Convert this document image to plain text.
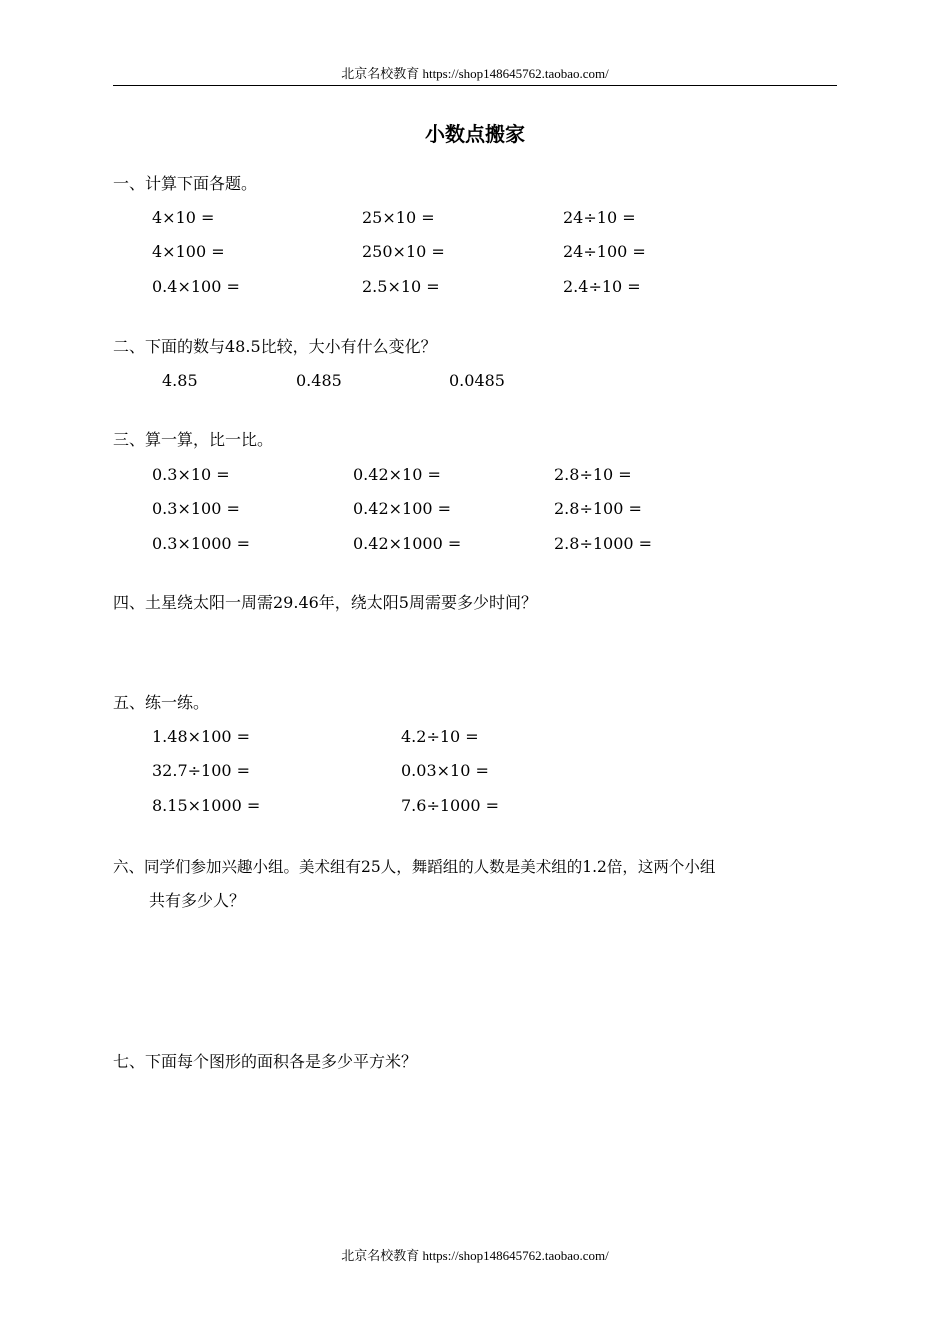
北京名校教育 https://shop148645762.taobao.com/
小数点搬家
一、计算下面各题。
4×10 =	25×10 =	24÷10 =
4×100 =	250×10 =	24÷100 =
0.4×100 =	2.5×10 =	2.4÷10 =
二、下面的数与48.5比较，大小有什么变化？
4.85	0.485	0.0485
三、算一算，比一比。
0.3×10 =	0.42×10 =	2.8÷10 =
0.3×100 =	0.42×100 =	2.8÷100 =
0.3×1000 =	0.42×1000 =	2.8÷1000 =
四、土星绕太阳一周需29.46年，绕太阳5周需要多少时间？
五、练一练。
1.48×100 =	4.2÷10 =
32.7÷100 =	0.03×10 =
8.15×1000 =	7.6÷1000 =
六、同学们参加兴趣小组。美术组有25人，舞蹈组的人数是美术组的1.2倍，这两个小组
共有多少人？
七、下面每个图形的面积各是多少平方米？
北京名校教育 https://shop148645762.taobao.com/
